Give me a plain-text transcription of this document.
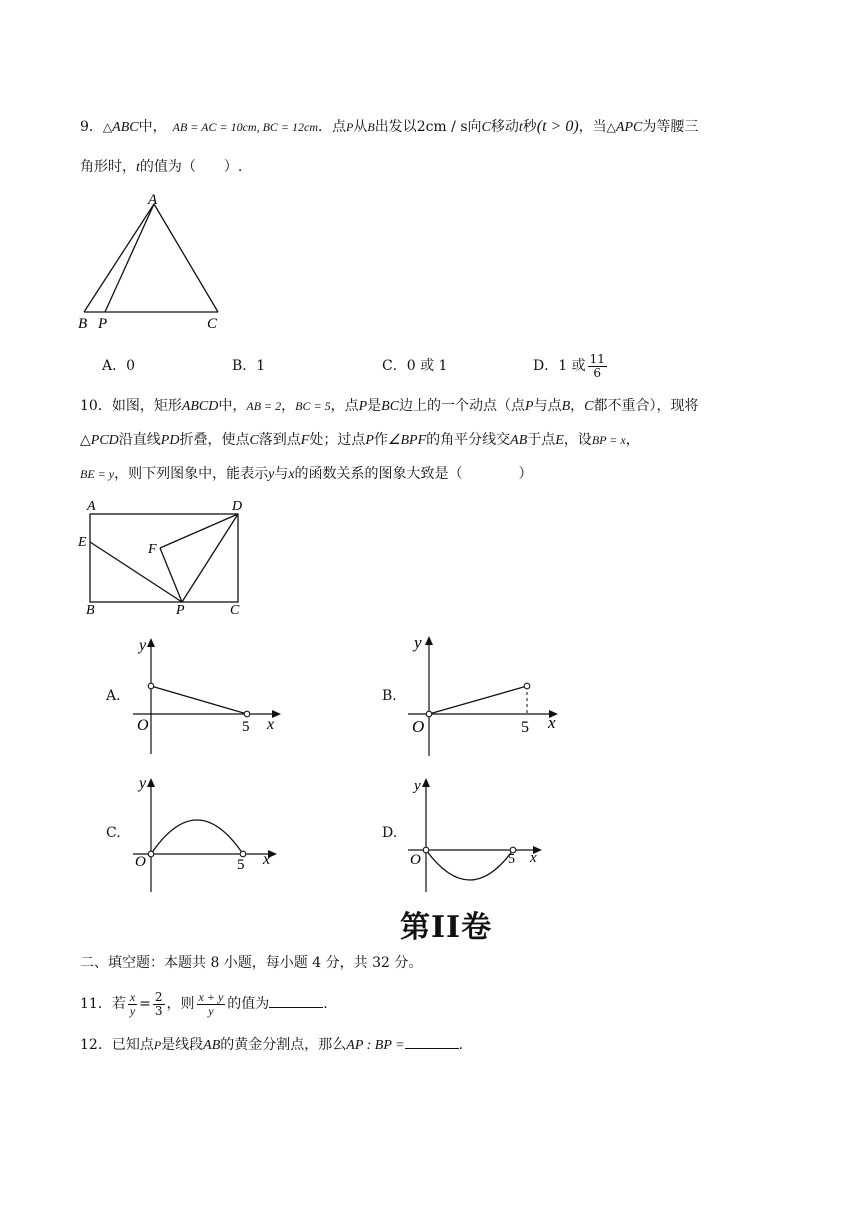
9．△ABC中， AB = AC = 10cm, BC = 12cm．点P从B出发以2cm / s向C移动t秒(t > 0)，当△APC为等腰三
角形时，t的值为（　　）.
A
B P	C
A．0	B．1	C．0 或 1	D．1 或 $\frac{11}{6}$
10．如图，矩形ABCD中，AB = 2，BC = 5，点P是BC边上的一个动点（点P与点B，C都不重合），现将
△PCD沿直线PD折叠，使点C落到点F处；过点P作∠BPF的角平分线交AB于点E，设BP = x，
BE = y，则下列图象中，能表示y与x的函数关系的图象大致是（　　　　）
A	D
E	F
B	P	C
A.
y
x
O	5
B.
y
x
O	5
C.
y
x
O	5
D.
y
x
O	5
第II卷
二、填空题：本题共 8 小题，每小题 4 分，共 32 分。
11．若 $\frac{x}{y} = \frac{2}{3}$ ，则 $\frac{x + y}{y}$ 的值为	.
12．已知点P是线段AB的黄金分割点，那么AP : BP =	.
